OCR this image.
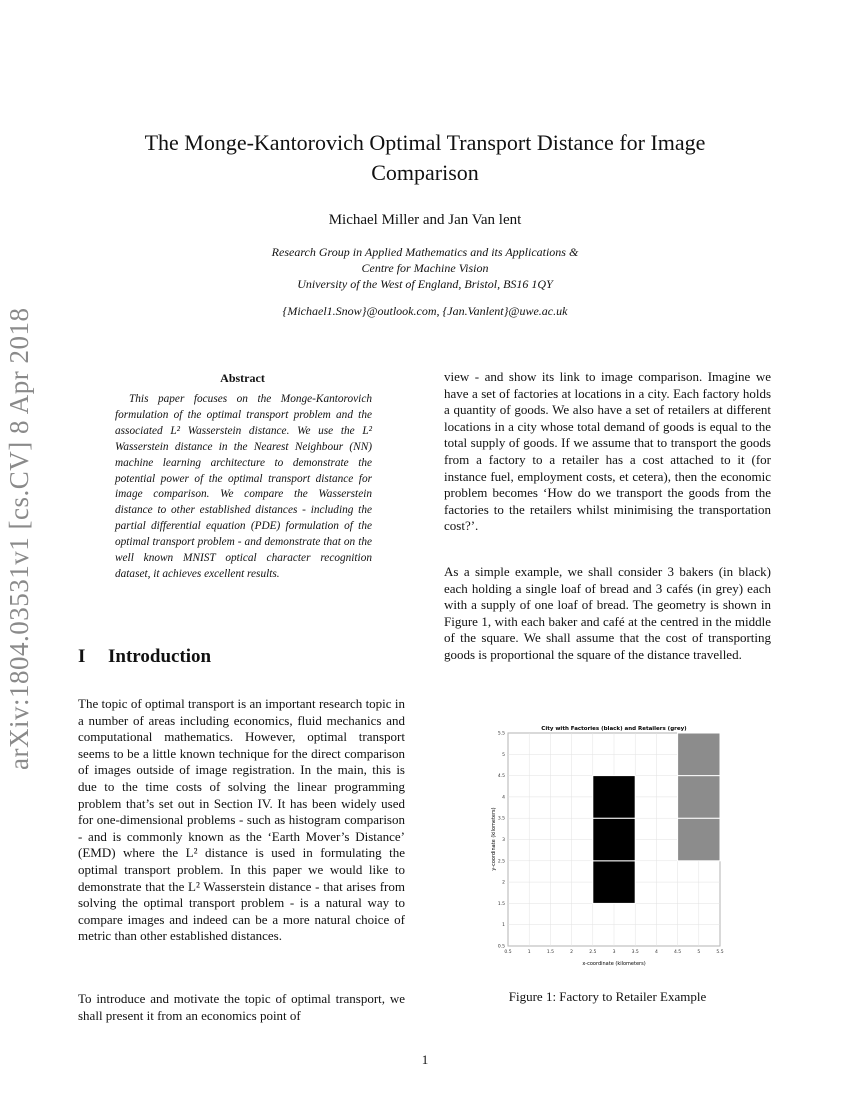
arXiv:1804.03531v1 [cs.CV] 8 Apr 2018
The Monge-Kantorovich Optimal Transport Distance for Image Comparison
Michael Miller and Jan Van lent
Research Group in Applied Mathematics and its Applications &
Centre for Machine Vision
University of the West of England, Bristol, BS16 1QY
{Michael1.Snow}@outlook.com, {Jan.Vanlent}@uwe.ac.uk
Abstract

This paper focuses on the Monge-Kantorovich formulation of the optimal transport problem and the associated L² Wasserstein distance. We use the L² Wasserstein distance in the Nearest Neighbour (NN) machine learning architecture to demonstrate the potential power of the optimal transport distance for image comparison. We compare the Wasserstein distance to other established distances - including the partial differential equation (PDE) formulation of the optimal transport problem - and demonstrate that on the well known MNIST optical character recognition dataset, it achieves excellent results.

I Introduction

The topic of optimal transport is an important research topic in a number of areas including economics, fluid mechanics and computational mathematics. However, optimal transport seems to be a little known technique for the direct comparison of images outside of image registration. In the main, this is due to the time costs of solving the linear programming problem that’s set out in Section IV. It has been widely used for one-dimensional problems - such as histogram comparison - and is commonly known as the ‘Earth Mover’s Distance’ (EMD) where the L² distance is used in formulating the optimal transport problem. In this paper we would like to demonstrate that the L² Wasserstein distance - that arises from solving the optimal transport problem - is a natural way to compare images and indeed can be a more natural choice of metric than other established distances.

To introduce and motivate the topic of optimal transport, we shall present it from an economics point of

view - and show its link to image comparison. Imagine we have a set of factories at locations in a city. Each factory holds a quantity of goods. We also have a set of retailers at different locations in a city whose total demand of goods is equal to the total supply of goods. If we assume that to transport the goods from a factory to a retailer has a cost attached to it (for instance fuel, employment costs, et cetera), then the economic problem becomes ‘How do we transport the goods from the factories to the retailers whilst minimising the transportation cost?’.

As a simple example, we shall consider 3 bakers (in black) each holding a single loaf of bread and 3 cafés (in grey) each with a supply of one loaf of bread. The geometry is shown in Figure 1, with each baker and café at the centred in the middle of the square. We shall assume that the cost of transporting goods is proportional the square of the distance travelled.

0.5	1	1.5	2	2.5	3	3.5	4	4.5	5	5.5
0.5
1
1.5
2
2.5
3
3.5
4
4.5
5
5.5
City with Factories (black) and Retailers (grey)
x-coordinate (kilometers)
y-coordinate (kilometers)
Figure 1: Factory to Retailer Example
1
